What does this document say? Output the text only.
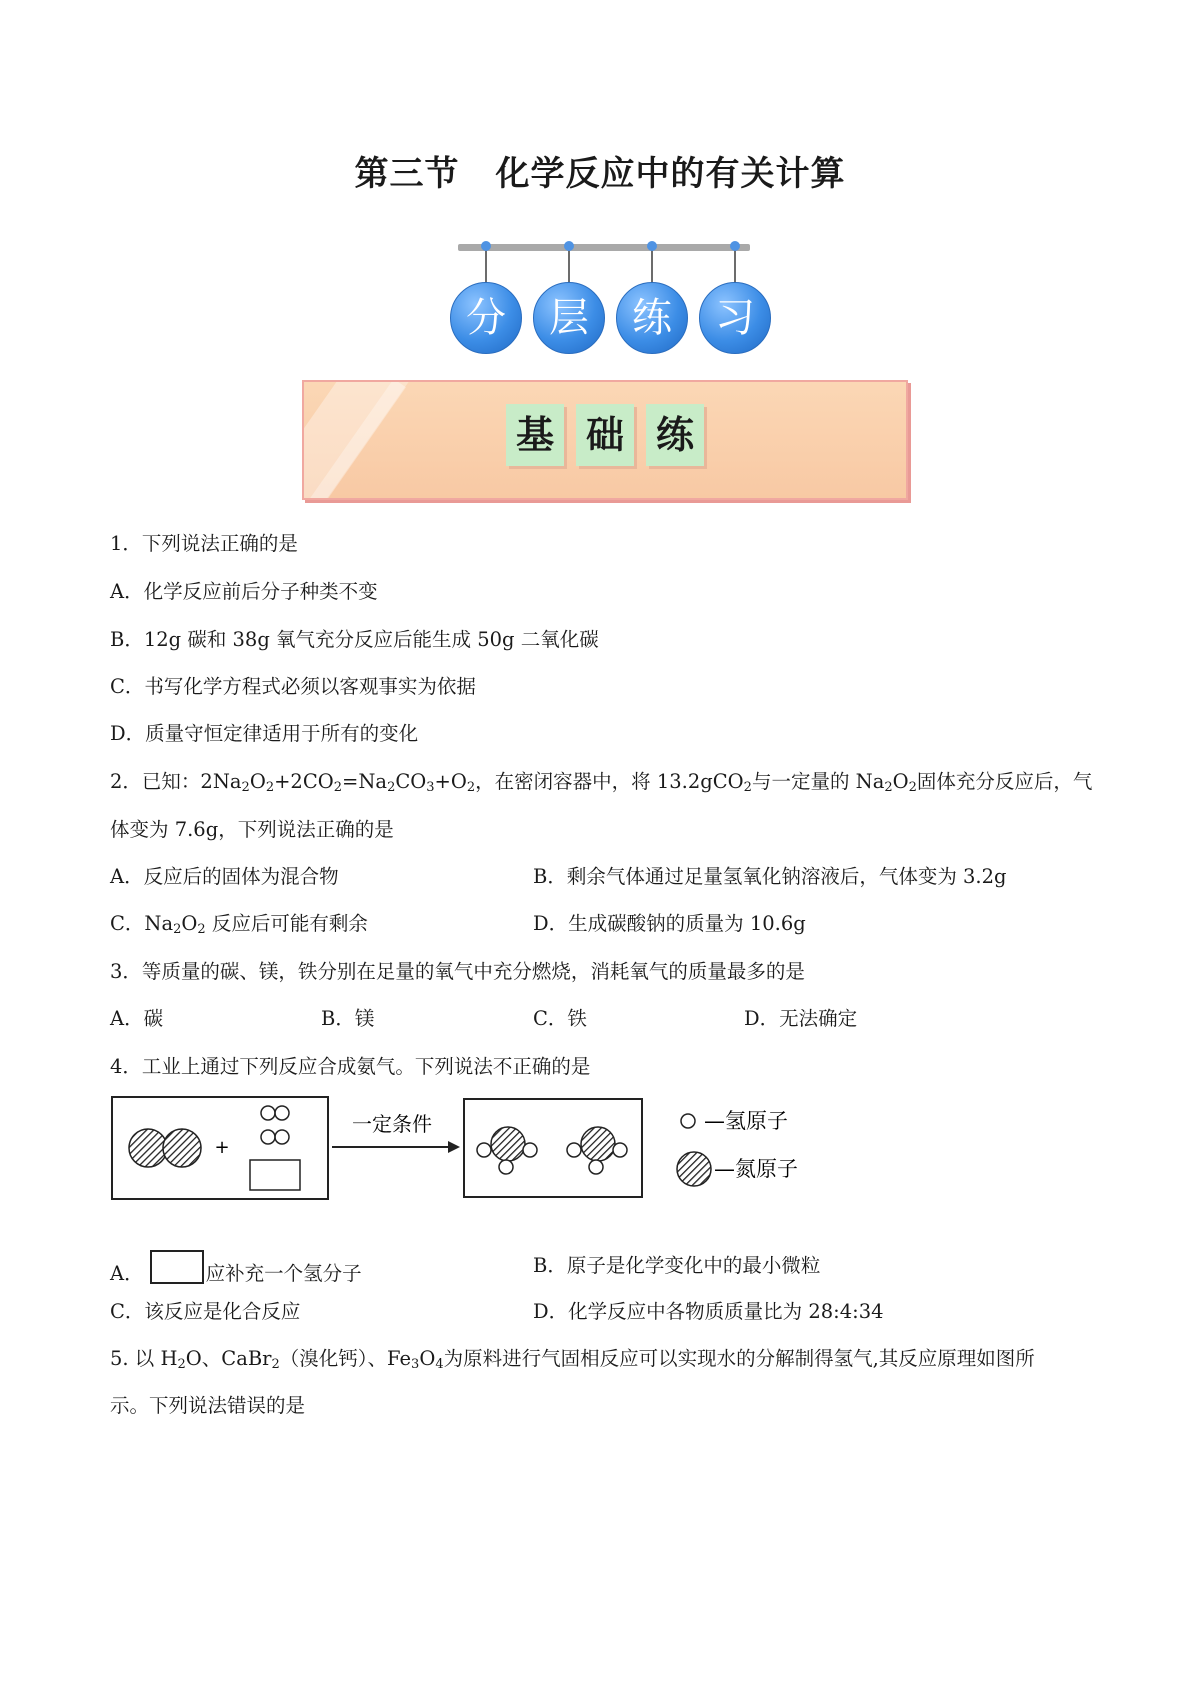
第三节 化学反应中的有关计算
分	层	练	习
基 础 练
1．下列说法正确的是
A．化学反应前后分子种类不变
B．12g 碳和 38g 氧气充分反应后能生成 50g 二氧化碳
C．书写化学方程式必须以客观事实为依据
D．质量守恒定律适用于所有的变化
2．已知：$2Na_2O_2+2CO_2=Na_2CO_3+O_2$，在密闭容器中，将 13.2gCO$_2$与一定量的 $Na_2O_2$固体充分反应后，气
体变为 7.6g，下列说法正确的是
A．反应后的固体为混合物	B．剩余气体通过足量氢氧化钠溶液后，气体变为 3.2g
C．$Na_2O_2$ 反应后可能有剩余	D．生成碳酸钠的质量为 10.6g
3．等质量的碳、镁，铁分别在足量的氧气中充分燃烧，消耗氧气的质量最多的是
A．碳	B．镁	C．铁	D．无法确定
4．工业上通过下列反应合成氨气。下列说法不正确的是
+
一定条件	—氢原子
—氮原子
A．	应补充一个氢分子	B．原子是化学变化中的最小微粒
C．该反应是化合反应	D．化学反应中各物质质量比为 28:4:34
5. 以 $H_2O$、CaBr$_2$（溴化钙）、$Fe_3O_4$为原料进行气固相反应可以实现水的分解制得氢气,其反应原理如图所
示。下列说法错误的是
